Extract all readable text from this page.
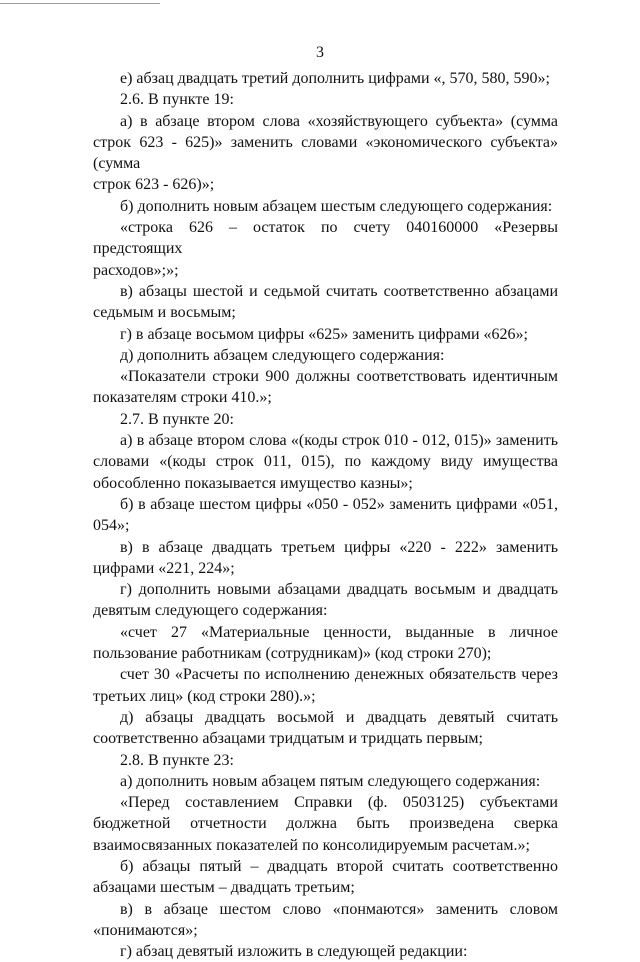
3

е) абзац двадцать третий дополнить цифрами «, 570, 580, 590»;

2.6. В пункте 19:

а) в абзаце втором слова «хозяйствующего субъекта» (сумма

строк 623 - 625)» заменить словами «экономического субъекта» (сумма

строк 623 - 626)»;

б) дополнить новым абзацем шестым следующего содержания:

«строка 626 – остаток по счету 040160000 «Резервы предстоящих

расходов»;»;

в) абзацы шестой и седьмой считать соответственно абзацами

седьмым и восьмым;

г) в абзаце восьмом цифры «625» заменить цифрами «626»;

д) дополнить абзацем следующего содержания:

«Показатели строки 900 должны соответствовать идентичным

показателям строки 410.»;

2.7. В пункте 20:

а) в абзаце втором слова «(коды строк 010 - 012, 015)» заменить

словами «(коды строк 011, 015), по каждому виду имущества

обособленно показывается имущество казны»;

б) в абзаце шестом цифры «050 - 052» заменить цифрами «051,

054»;

в) в абзаце двадцать третьем цифры «220 - 222» заменить

цифрами «221, 224»;

г) дополнить новыми абзацами двадцать восьмым и двадцать

девятым следующего содержания:

«счет 27 «Материальные ценности, выданные в личное

пользование работникам (сотрудникам)» (код строки 270);

счет 30 «Расчеты по исполнению денежных обязательств через

третьих лиц» (код строки 280).»;

д) абзацы двадцать восьмой и двадцать девятый считать

соответственно абзацами тридцатым и тридцать первым;

2.8. В пункте 23:

а) дополнить новым абзацем пятым следующего содержания:

«Перед составлением Справки (ф. 0503125) субъектами

бюджетной отчетности должна быть произведена сверка

взаимосвязанных показателей по консолидируемым расчетам.»;

б) абзацы пятый – двадцать второй считать соответственно

абзацами шестым – двадцать третьим;

в) в абзаце шестом слово «понмаются» заменить словом

«понимаются»;

г) абзац девятый изложить в следующей редакции:
